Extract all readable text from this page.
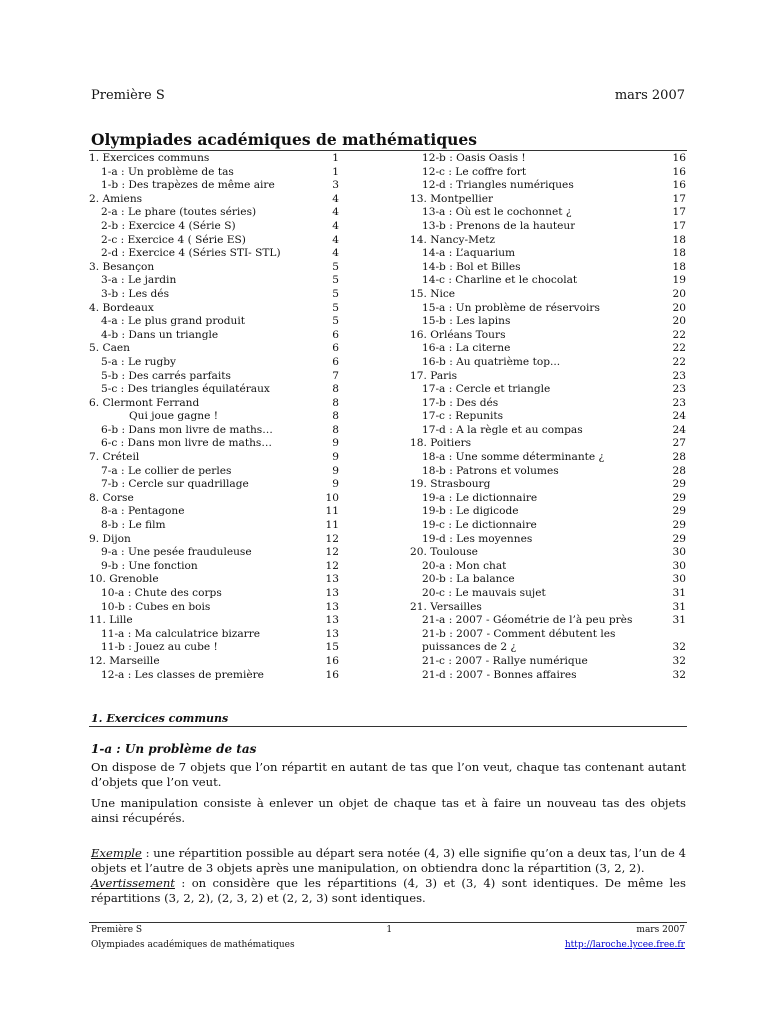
Première S	mars 2007
Olympiades académiques de mathématiques
1. Exercices communs	1
1-a : Un problème de tas	1
1-b : Des trapèzes de même aire	3
2. Amiens	4
2-a : Le phare (toutes séries)	4
2-b : Exercice 4 (Série S)	4
2-c : Exercice 4 ( Série ES)	4
2-d : Exercice 4 (Séries STI- STL)	4
3. Besançon	5
3-a : Le jardin	5
3-b : Les dés	5
4. Bordeaux	5
4-a : Le plus grand produit	5
4-b : Dans un triangle	6
5. Caen	6
5-a : Le rugby	6
5-b : Des carrés parfaits	7
5-c : Des triangles équilatéraux	8
6. Clermont Ferrand	8
Qui joue gagne !	8
6-b : Dans mon livre de maths…	8
6-c : Dans mon livre de maths…	9
7. Créteil	9
7-a : Le collier de perles	9
7-b : Cercle sur quadrillage	9
8. Corse	10
8-a : Pentagone	11
8-b : Le film	11
9. Dijon	12
9-a : Une pesée frauduleuse	12
9-b : Une fonction	12
10. Grenoble	13
10-a : Chute des corps	13
10-b : Cubes en bois	13
11. Lille	13
11-a : Ma calculatrice bizarre	13
11-b : Jouez au cube !	15
12. Marseille	16
12-a : Les classes de première	16
12-b : Oasis Oasis !	16
12-c : Le coffre fort	16
12-d : Triangles numériques	16
13. Montpellier	17
13-a : Où est le cochonnet ¿	17
13-b : Prenons de la hauteur	17
14. Nancy-Metz	18
14-a : L’aquarium	18
14-b : Bol et Billes	18
14-c : Charline et le chocolat	19
15. Nice	20
15-a : Un problème de réservoirs	20
15-b : Les lapins	20
16. Orléans Tours	22
16-a : La citerne	22
16-b : Au quatrième top...	22
17. Paris	23
17-a : Cercle et triangle	23
17-b : Des dés	23
17-c : Repunits	24
17-d : A la règle et au compas	24
18. Poitiers	27
18-a : Une somme déterminante ¿	28
18-b : Patrons et volumes	28
19. Strasbourg	29
19-a : Le dictionnaire	29
19-b : Le digicode	29
19-c : Le dictionnaire	29
19-d : Les moyennes	29
20. Toulouse	30
20-a : Mon chat	30
20-b : La balance	30
20-c : Le mauvais sujet	31
21. Versailles	31
21-a : 2007 - Géométrie de l’à peu près	31
21-b : 2007 - Comment débutent les
puissances de 2 ¿	32
21-c : 2007 - Rallye numérique	32
21-d : 2007 - Bonnes affaires	32
1. Exercices communs
1-a : Un problème de tas

On dispose de 7 objets que l’on répartit en autant de tas que l’on veut, chaque tas contenant autant d’objets que l’on veut.

Une manipulation consiste à enlever un objet de chaque tas et à faire un nouveau tas des objets ainsi récupérés.

Exemple : une répartition possible au départ sera notée (4, 3) elle signifie qu’on a deux tas, l’un de 4 objets et l’autre de 3 objets après une manipulation, on obtiendra donc la répartition (3, 2, 2).

Avertissement : on considère que les répartitions (4, 3) et (3, 4) sont identiques. De même les répartitions (3, 2, 2), (2, 3, 2) et (2, 2, 3) sont identiques.

Première S	1	mars 2007
Olympiades académiques de mathématiques	http://laroche.lycee.free.fr
